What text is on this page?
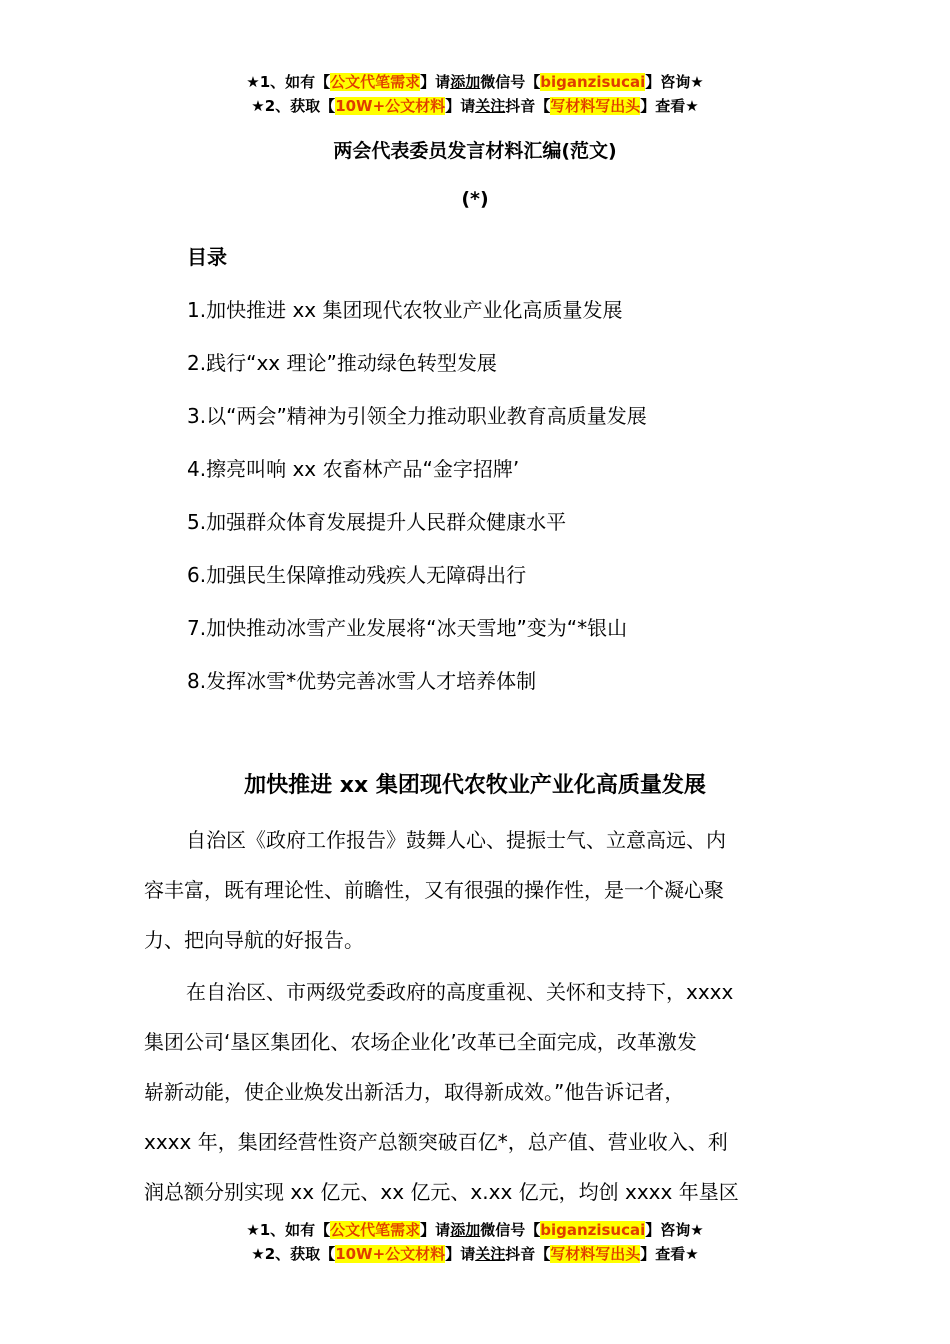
★1、如有【公文代笔需求】请添加微信号【biganzisucai】咨询★
★2、获取【10W+公文材料】请关注抖音【写材料写出头】查看★
两会代表委员发言材料汇编(范文)
(*)
目录
1.加快推进 xx 集团现代农牧业产业化高质量发展
2.践行“xx 理论”推动绿色转型发展
3.以“两会”精神为引领全力推动职业教育高质量发展
4.擦亮叫响 xx 农畜林产品“金字招牌’
5.加强群众体育发展提升人民群众健康水平
6.加强民生保障推动残疾人无障碍出行
7.加快推动冰雪产业发展将“冰天雪地”变为“*银山
8.发挥冰雪*优势完善冰雪人才培养体制
加快推进 xx 集团现代农牧业产业化高质量发展
自治区《政府工作报告》鼓舞人心、提振士气、立意高远、内
容丰富，既有理论性、前瞻性，又有很强的操作性，是一个凝心聚
力、把向导航的好报告。
在自治区、市两级党委政府的高度重视、关怀和支持下，xxxx
集团公司‘垦区集团化、农场企业化’改革已全面完成，改革激发
崭新动能，使企业焕发出新活力，取得新成效。”他告诉记者，
xxxx 年，集团经营性资产总额突破百亿*，总产值、营业收入、利
润总额分别实现 xx 亿元、xx 亿元、x.xx 亿元，均创 xxxx 年垦区
★1、如有【公文代笔需求】请添加微信号【biganzisucai】咨询★
★2、获取【10W+公文材料】请关注抖音【写材料写出头】查看★
